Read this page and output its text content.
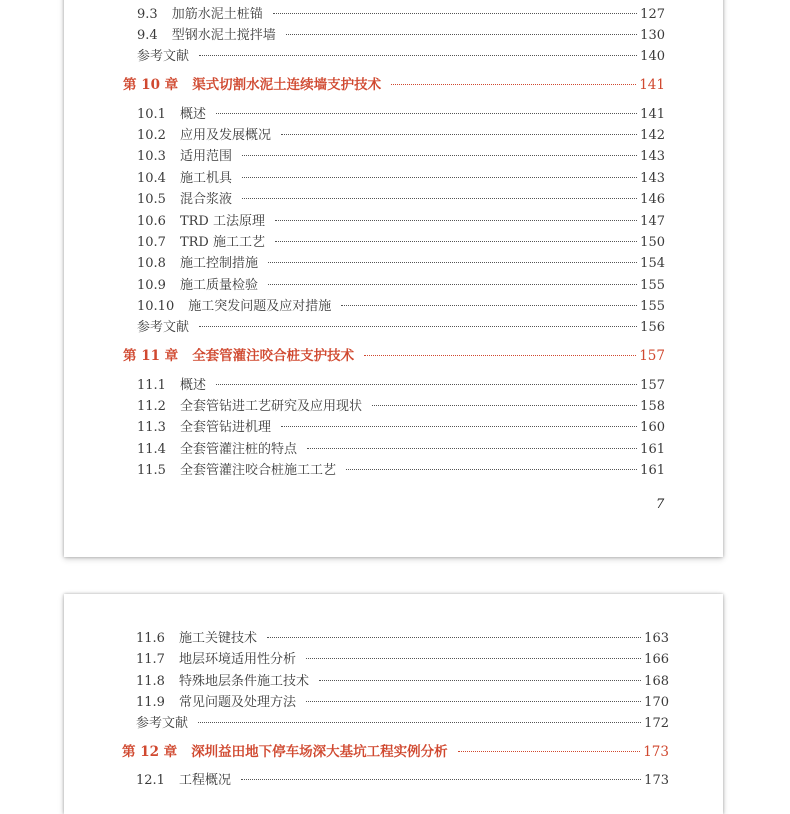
9.3 加筋水泥土桩锚	127
9.4 型钢水泥土搅拌墙	130
参考文献	140
第 10 章 渠式切割水泥土连续墙支护技术	141
10.1 概述	141
10.2 应用及发展概况	142
10.3 适用范围	143
10.4 施工机具	143
10.5 混合浆液	146
10.6 TRD 工法原理	147
10.7 TRD 施工工艺	150
10.8 施工控制措施	154
10.9 施工质量检验	155
10.10 施工突发问题及应对措施	155
参考文献	156
第 11 章 全套管灌注咬合桩支护技术	157
11.1 概述	157
11.2 全套管钻进工艺研究及应用现状	158
11.3 全套管钻进机理	160
11.4 全套管灌注桩的特点	161
11.5 全套管灌注咬合桩施工工艺	161
7
11.6 施工关键技术	163
11.7 地层环境适用性分析	166
11.8 特殊地层条件施工技术	168
11.9 常见问题及处理方法	170
参考文献	172
第 12 章 深圳益田地下停车场深大基坑工程实例分析	173
12.1 工程概况	173
